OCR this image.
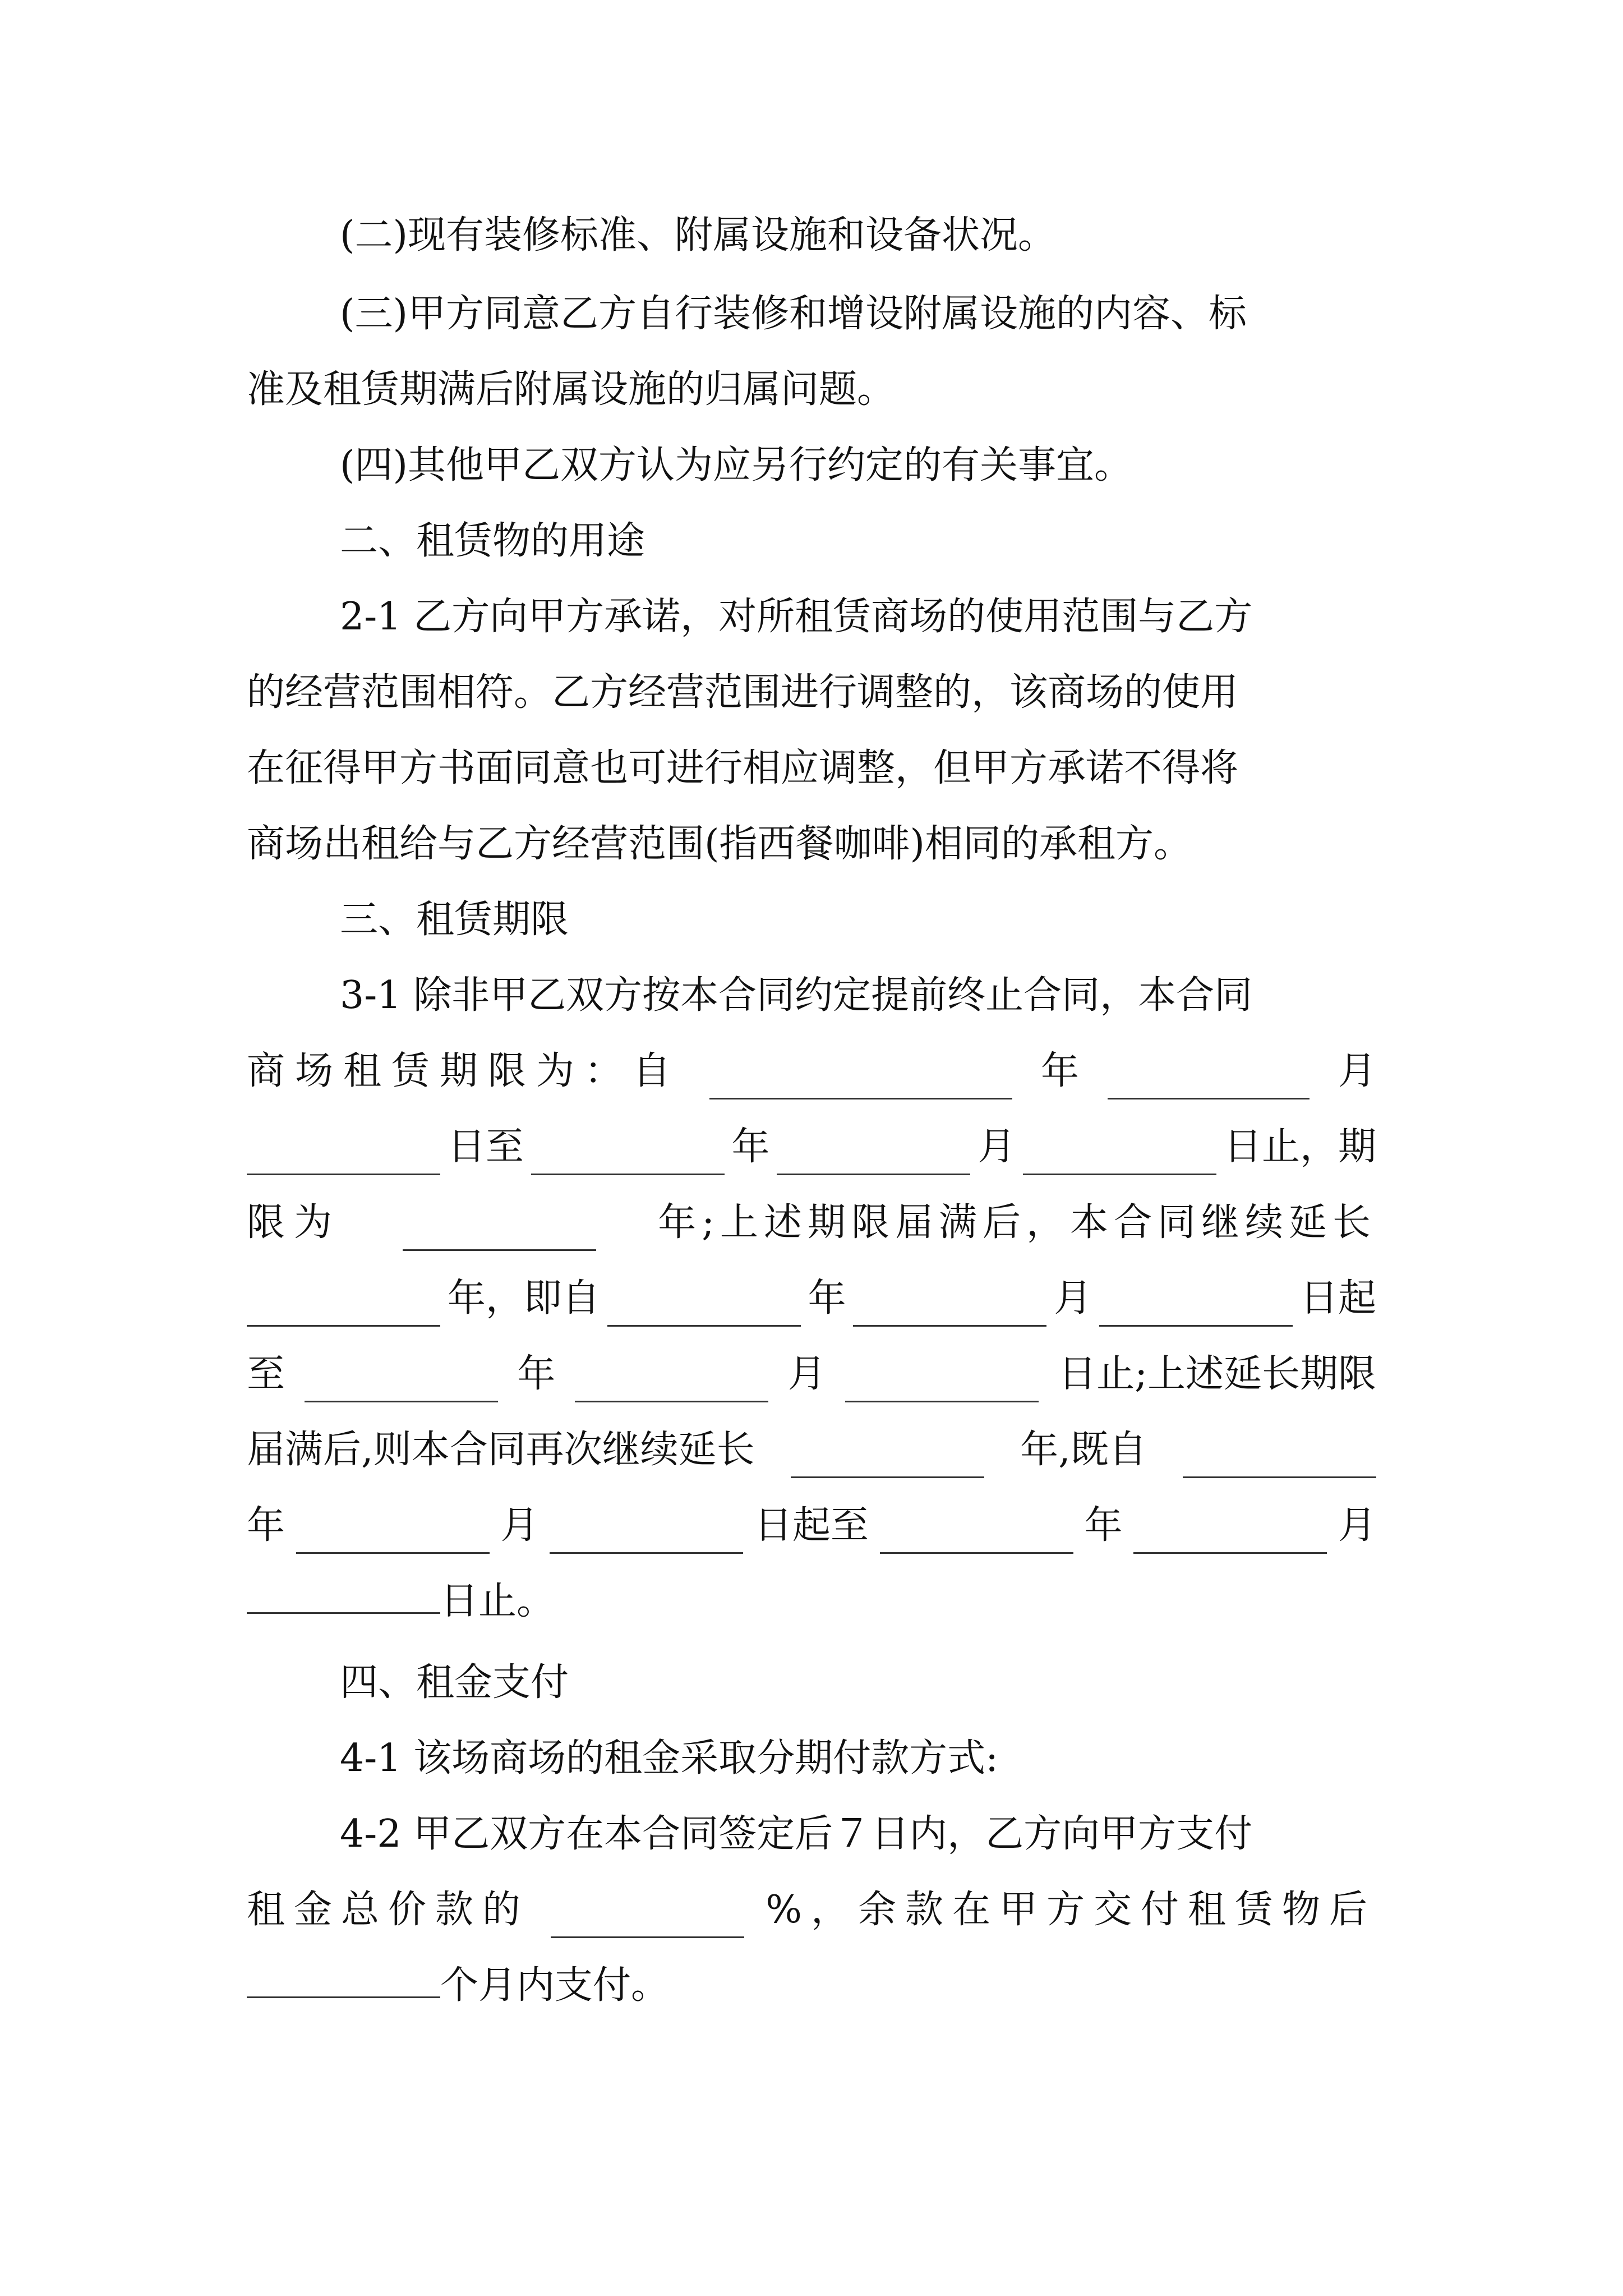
(二)现有装修标准、附属设施和设备状况。
(三)甲方同意乙方自行装修和增设附属设施的内容、标
准及租赁期满后附属设施的归属问题。
(四)其他甲乙双方认为应另行约定的有关事宜。
二、租赁物的用途
2-1 乙方向甲方承诺，对所租赁商场的使用范围与乙方
的经营范围相符。乙方经营范围进行调整的，该商场的使用
在征得甲方书面同意也可进行相应调整，但甲方承诺不得将
商场出租给与乙方经营范围(指西餐咖啡)相同的承租方。
三、租赁期限
3-1 除非甲乙双方按本合同约定提前终止合同，本合同
商场租赁期限为：自	年	月
日至	年	月	日止，期
限为	年;上述期限届满后，本合同继续延长
年，即自	年	月	日起
至	年	月	日止;上述延长期限
届满后,则本合同再次继续延长	年,既自
年	月	日起至	年	月
日止。
四、租金支付
4-1 该场商场的租金采取分期付款方式:
4-2 甲乙双方在本合同签定后７日内，乙方向甲方支付
租金总价款的	%，余款在甲方交付租赁物后
个月内支付。
